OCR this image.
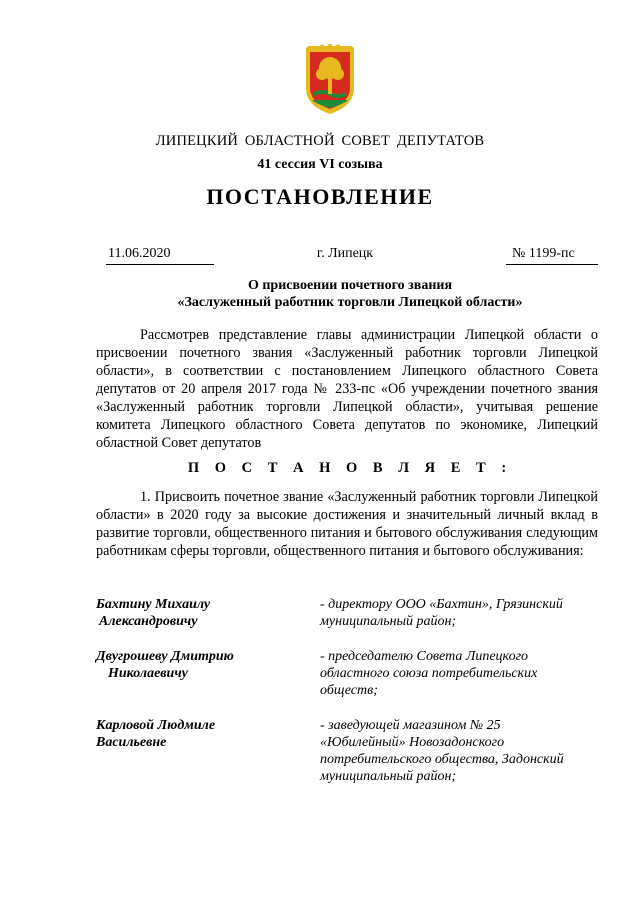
ЛИПЕЦКИЙ ОБЛАСТНОЙ СОВЕТ ДЕПУТАТОВ
41 сессия VI созыва
ПОСТАНОВЛЕНИЕ
11.06.2020	г. Липецк	№ 1199-пс
О присвоении почетного звания
«Заслуженный работник торговли Липецкой области»

Рассмотрев представление главы администрации Липецкой области о присвоении почетного звания «Заслуженный работник торговли Липецкой области», в соответствии с постановлением Липецкого областного Совета депутатов от 20 апреля 2017 года № 233-пс «Об учреждении почетного звания «Заслуженный работник торговли Липецкой области», учитывая решение комитета Липецкого областного Совета депутатов по экономике, Липецкий областной Совет депутатов

П О С Т А Н О В Л Я Е Т :

1. Присвоить почетное звание «Заслуженный работник торговли Липецкой области» в 2020 году за высокие достижения и значительный личный вклад в развитие торговли, общественного питания и бытового обслуживания следующим работникам сферы торговли, общественного питания и бытового обслуживания:

Бахтину Михаилу
Александровичу
- директору ООО «Бахтин», Грязинский
муниципальный район;
Двугрошеву Дмитрию
Николаевичу
- председателю Совета Липецкого
областного союза потребительских
обществ;
Карловой Людмиле
Васильевне
- заведующей магазином № 25
«Юбилейный» Новозадонского
потребительского общества, Задонский
муниципальный район;
